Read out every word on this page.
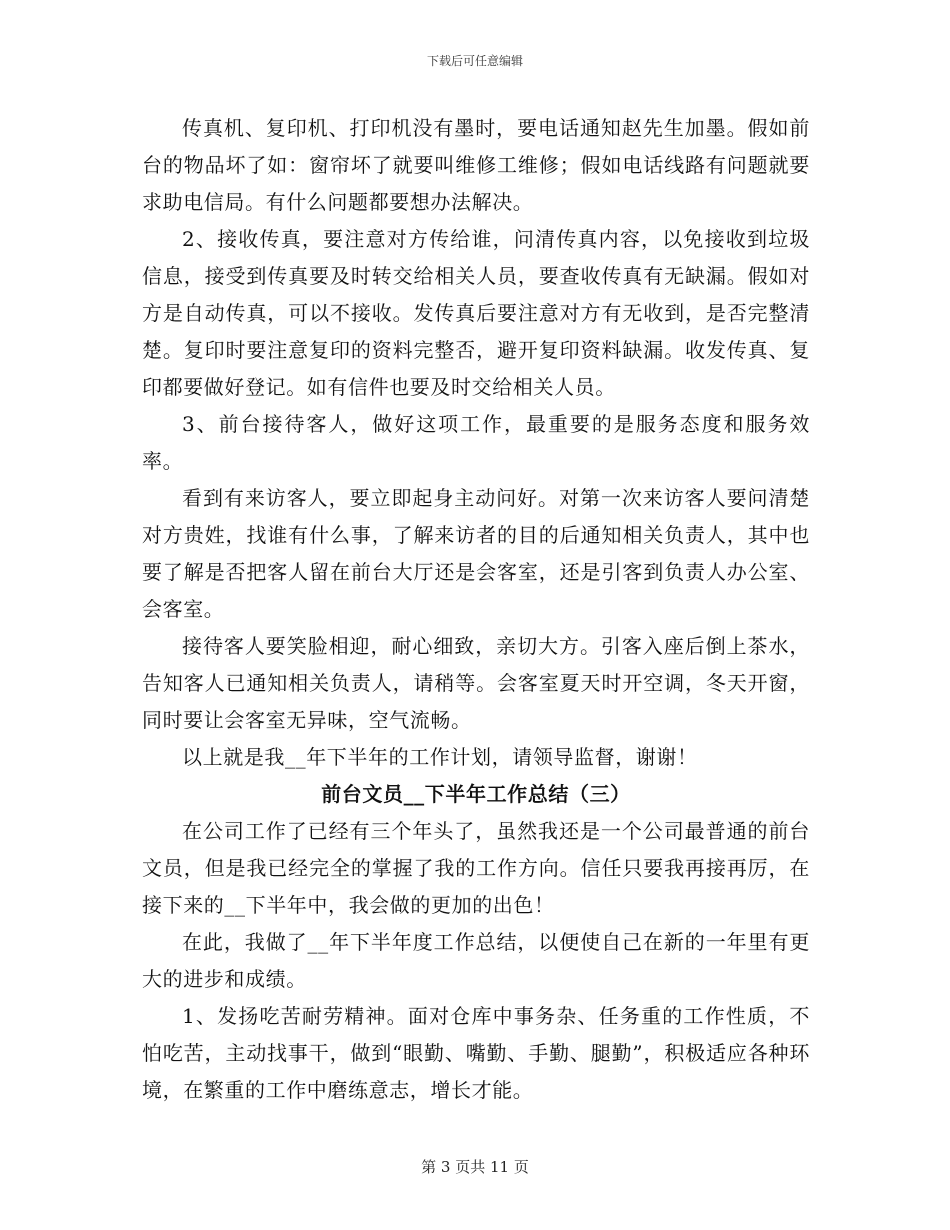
下载后可任意编辑

传真机、复印机、打印机没有墨时，要电话通知赵先生加墨。假如前台的物品坏了如：窗帘坏了就要叫维修工维修；假如电话线路有问题就要求助电信局。有什么问题都要想办法解决。

2、接收传真，要注意对方传给谁，问清传真内容，以免接收到垃圾信息，接受到传真要及时转交给相关人员，要查收传真有无缺漏。假如对方是自动传真，可以不接收。发传真后要注意对方有无收到，是否完整清楚。复印时要注意复印的资料完整否，避开复印资料缺漏。收发传真、复印都要做好登记。如有信件也要及时交给相关人员。

3、前台接待客人，做好这项工作，最重要的是服务态度和服务效率。

看到有来访客人，要立即起身主动问好。对第一次来访客人要问清楚对方贵姓，找谁有什么事，了解来访者的目的后通知相关负责人，其中也要了解是否把客人留在前台大厅还是会客室，还是引客到负责人办公室、会客室。

接待客人要笑脸相迎，耐心细致，亲切大方。引客入座后倒上茶水，告知客人已通知相关负责人，请稍等。会客室夏天时开空调，冬天开窗，同时要让会客室无异味，空气流畅。

以上就是我__年下半年的工作计划，请领导监督，谢谢！

前台文员__下半年工作总结（三）

在公司工作了已经有三个年头了，虽然我还是一个公司最普通的前台文员，但是我已经完全的掌握了我的工作方向。信任只要我再接再厉，在接下来的__下半年中，我会做的更加的出色！

在此，我做了__年下半年度工作总结，以便使自己在新的一年里有更大的进步和成绩。

1、发扬吃苦耐劳精神。面对仓库中事务杂、任务重的工作性质，不怕吃苦，主动找事干，做到“眼勤、嘴勤、手勤、腿勤”，积极适应各种环境，在繁重的工作中磨练意志，增长才能。

第 3 页共 11 页
